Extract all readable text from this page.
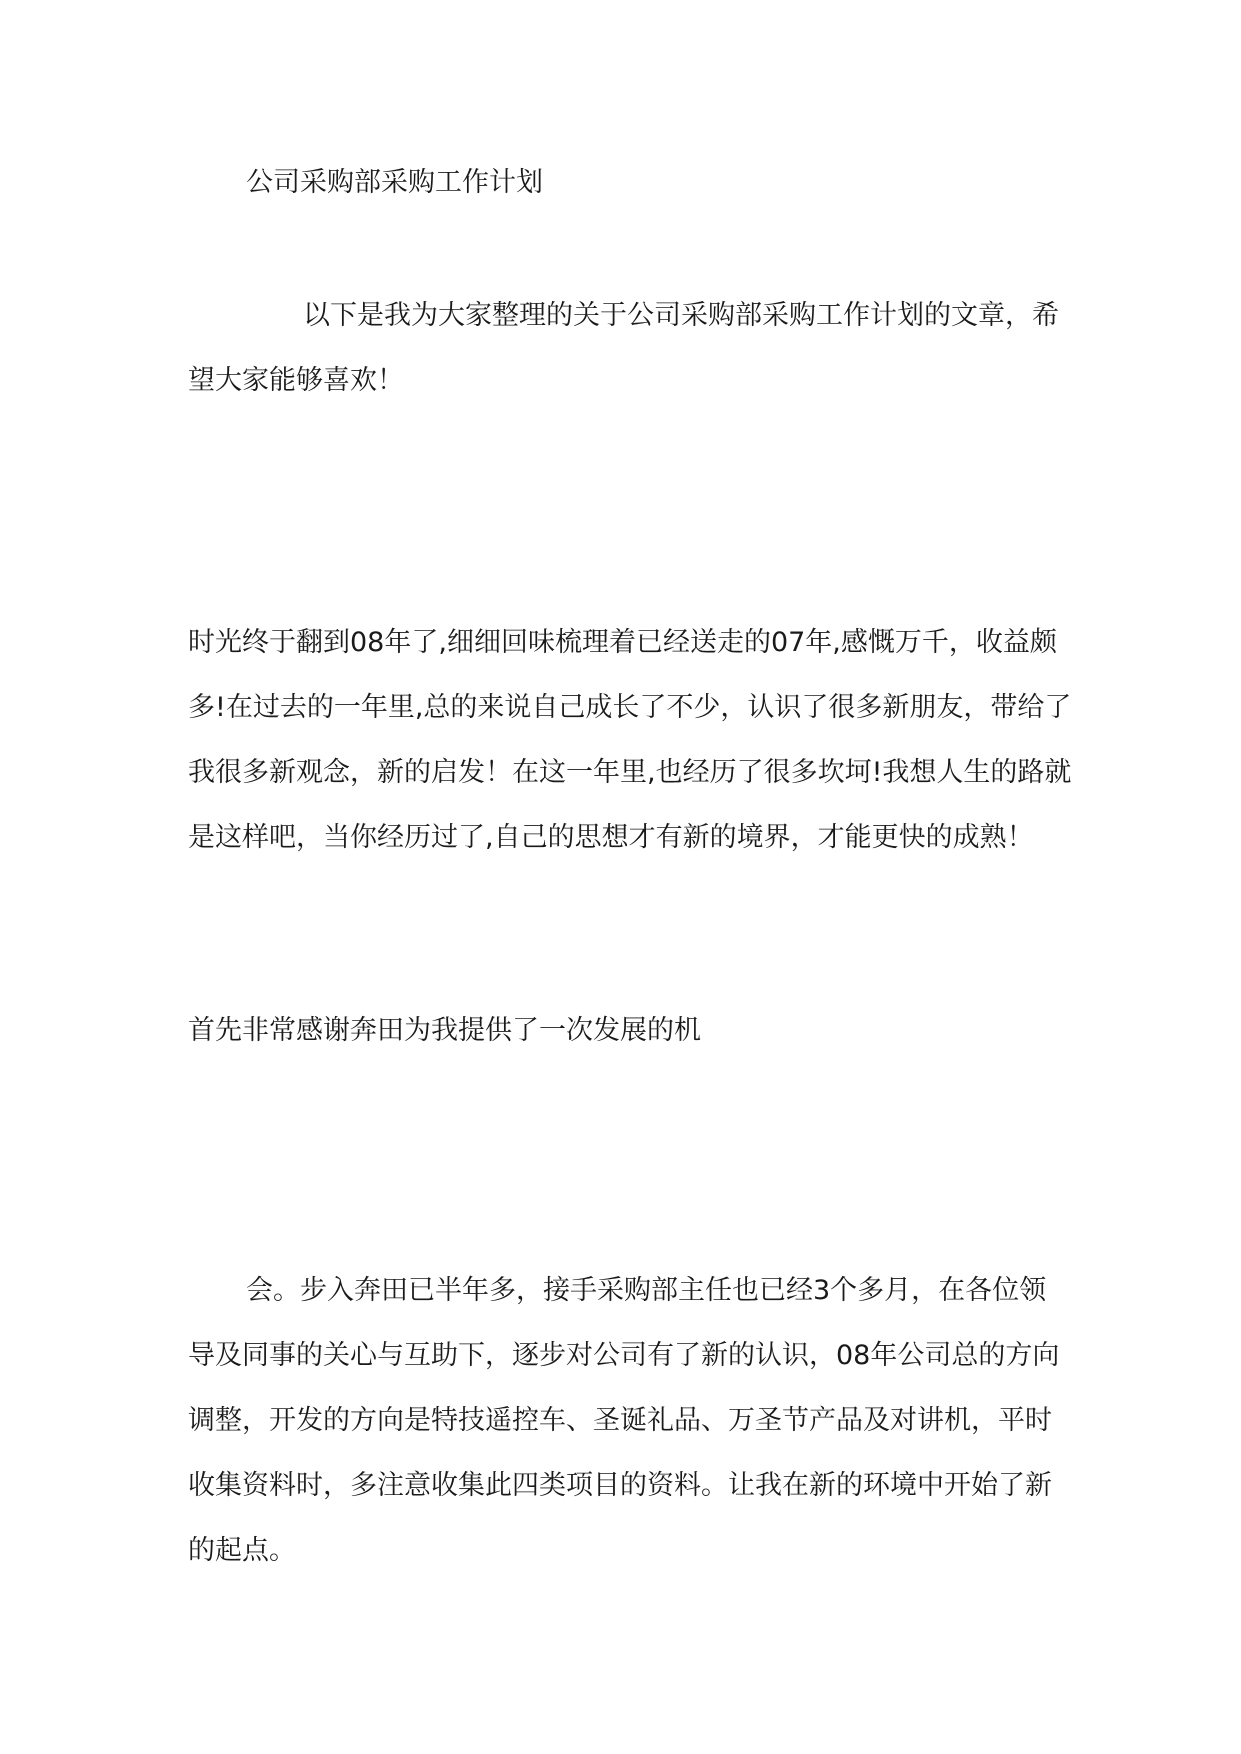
公司采购部采购工作计划

以下是我为大家整理的关于公司采购部采购工作计划的文章，希望大家能够喜欢！

时光终于翻到08年了,细细回味梳理着已经送走的07年,感慨万千，收益颇多!在过去的一年里,总的来说自己成长了不少，认识了很多新朋友，带给了我很多新观念，新的启发！在这一年里,也经历了很多坎坷!我想人生的路就是这样吧，当你经历过了,自己的思想才有新的境界，才能更快的成熟！

首先非常感谢奔田为我提供了一次发展的机

会。步入奔田已半年多，接手采购部主任也已经3个多月，在各位领导及同事的关心与互助下，逐步对公司有了新的认识，08年公司总的方向调整，开发的方向是特技遥控车、圣诞礼品、万圣节产品及对讲机，平时收集资料时，多注意收集此四类项目的资料。让我在新的环境中开始了新的起点。
